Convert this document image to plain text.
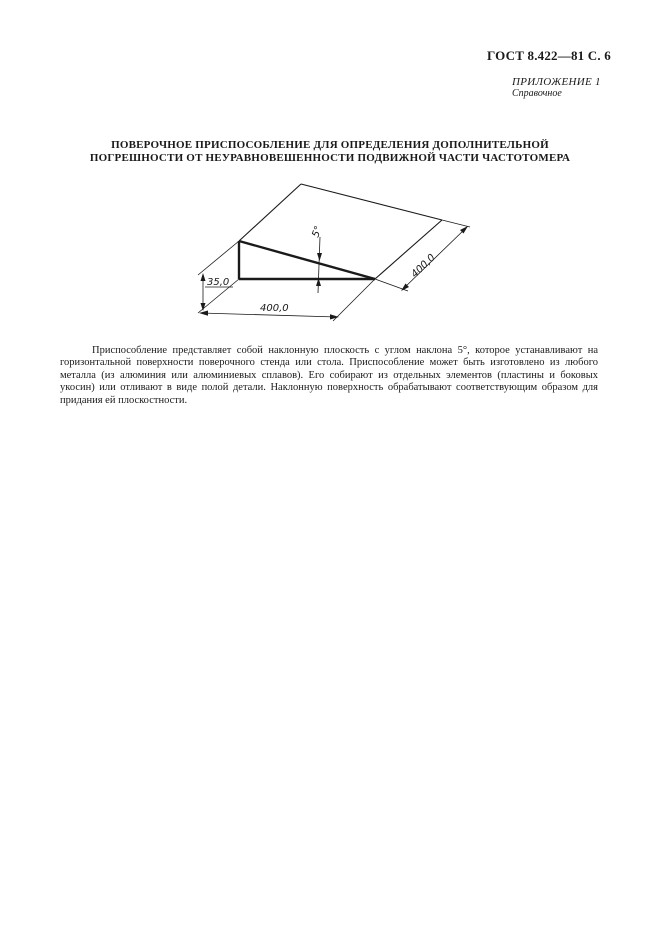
ГОСТ 8.422—81 С. 6
ПРИЛОЖЕНИЕ 1
Справочное
ПОВЕРОЧНОЕ ПРИСПОСОБЛЕНИЕ ДЛЯ ОПРЕДЕЛЕНИЯ ДОПОЛНИТЕЛЬНОЙ
ПОГРЕШНОСТИ ОТ НЕУРАВНОВЕШЕННОСТИ ПОДВИЖНОЙ ЧАСТИ ЧАСТОТОМЕРА
35,0
400,0
400,0
5°

Приспособление представляет собой наклонную плоскость с углом наклона 5°, которое устанавливают на горизонтальной поверхности поверочного стенда или стола. Приспособление может быть изготовлено из любого металла (из алюминия или алюминиевых сплавов). Его собирают из отдельных элементов (пластины и боковых укосин) или отливают в виде полой детали. Наклонную поверхность обрабатывают соответствующим образом для придания ей плоскостности.
